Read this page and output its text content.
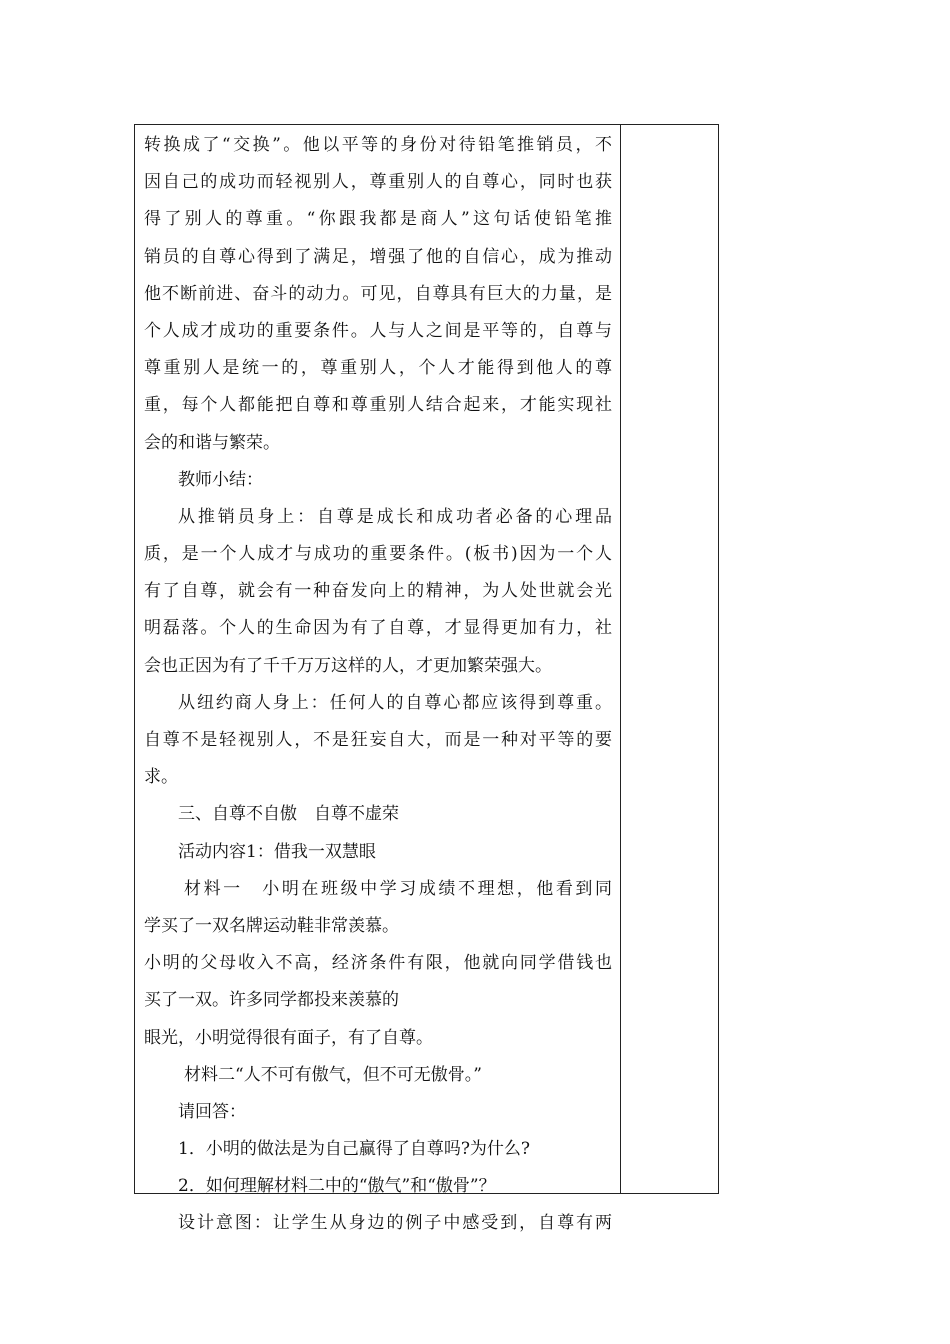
转换成了“交换”。他以平等的身份对待铅笔推销员，不
因自己的成功而轻视别人，尊重别人的自尊心，同时也获
得了别人的尊重。“你跟我都是商人”这句话使铅笔推
销员的自尊心得到了满足，增强了他的自信心，成为推动
他不断前进、奋斗的动力。可见，自尊具有巨大的力量，是
个人成才成功的重要条件。人与人之间是平等的，自尊与
尊重别人是统一的，尊重别人，个人才能得到他人的尊
重，每个人都能把自尊和尊重别人结合起来，才能实现社
会的和谐与繁荣。
教师小结：
从推销员身上：自尊是成长和成功者必备的心理品
质，是一个人成才与成功的重要条件。(板书)因为一个人
有了自尊，就会有一种奋发向上的精神，为人处世就会光
明磊落。个人的生命因为有了自尊，才显得更加有力，社
会也正因为有了千千万万这样的人，才更加繁荣强大。
从纽约商人身上：任何人的自尊心都应该得到尊重。
自尊不是轻视别人，不是狂妄自大，而是一种对平等的要
求。
三、自尊不自傲　自尊不虚荣
活动内容1：借我一双慧眼
材料一　小明在班级中学习成绩不理想，他看到同
学买了一双名牌运动鞋非常羡慕。
小明的父母收入不高，经济条件有限，他就向同学借钱也
买了一双。许多同学都投来羡慕的
眼光，小明觉得很有面子，有了自尊。
材料二“人不可有傲气，但不可无傲骨。”
请回答：
1．小明的做法是为自己赢得了自尊吗?为什么?
2．如何理解材料二中的“傲气”和“傲骨”？
设计意图：让学生从身边的例子中感受到，自尊有两
